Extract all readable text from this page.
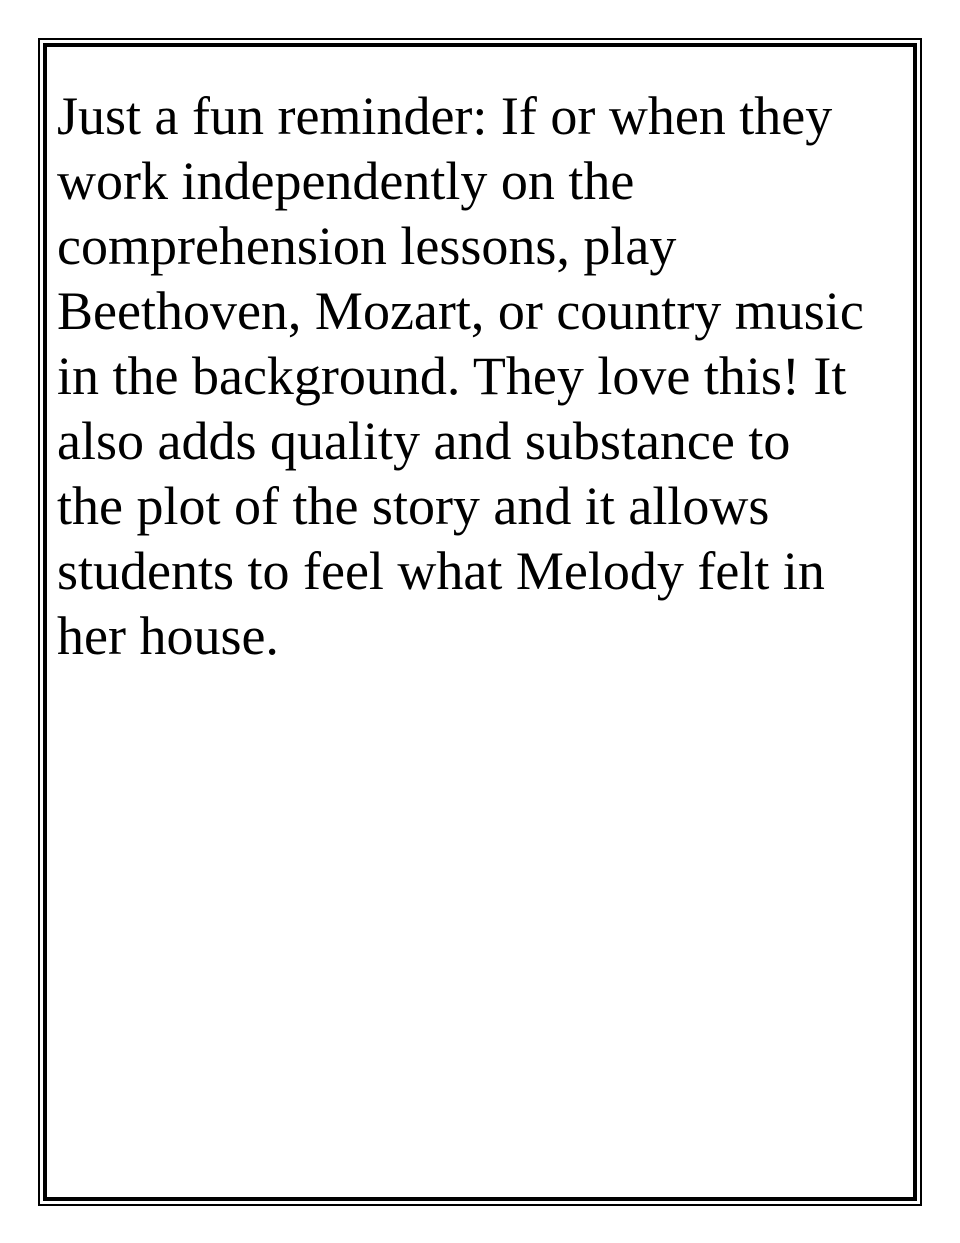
Just a fun reminder: If or when they
work independently on the
comprehension lessons, play
Beethoven, Mozart, or country music
in the background. They love this! It
also adds quality and substance to
the plot of the story and it allows
students to feel what Melody felt in
her house.
